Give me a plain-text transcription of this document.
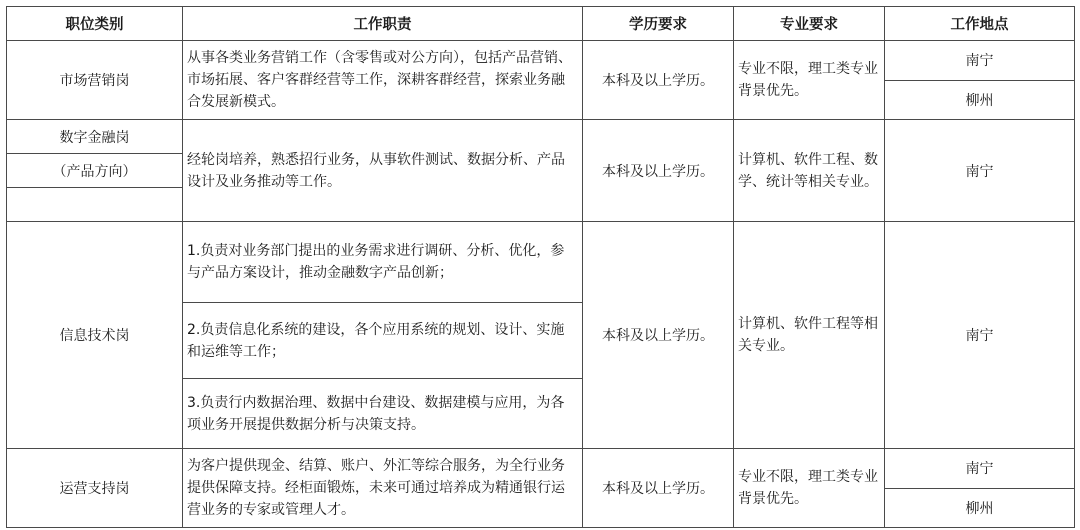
职位类别	工作职责	学历要求	专业要求	工作地点
市场营销岗	从事各类业务营销工作（含零售或对公方向），包括产品营销、市场拓展、客户客群经营等工作，深耕客群经营，探索业务融合发展新模式。	本科及以上学历。	专业不限，理工类专业背景优先。	南宁
				柳州
数字金融岗	经轮岗培养，熟悉招行业务，从事软件测试、数据分析、产品设计及业务推动等工作。	本科及以上学历。	计算机、软件工程、数学、统计等相关专业。	南宁
（产品方向）				

信息技术岗	1.负责对业务部门提出的业务需求进行调研、分析、优化，参与产品方案设计，推动金融数字产品创新；	本科及以上学历。	计算机、软件工程等相关专业。	南宁
	2.负责信息化系统的建设，各个应用系统的规划、设计、实施和运维等工作；			
	3.负责行内数据治理、数据中台建设、数据建模与应用，为各项业务开展提供数据分析与决策支持。			
运营支持岗	为客户提供现金、结算、账户、外汇等综合服务，为全行业务提供保障支持。经柜面锻炼，未来可通过培养成为精通银行运营业务的专家或管理人才。	本科及以上学历。	专业不限，理工类专业背景优先。	南宁
				柳州
